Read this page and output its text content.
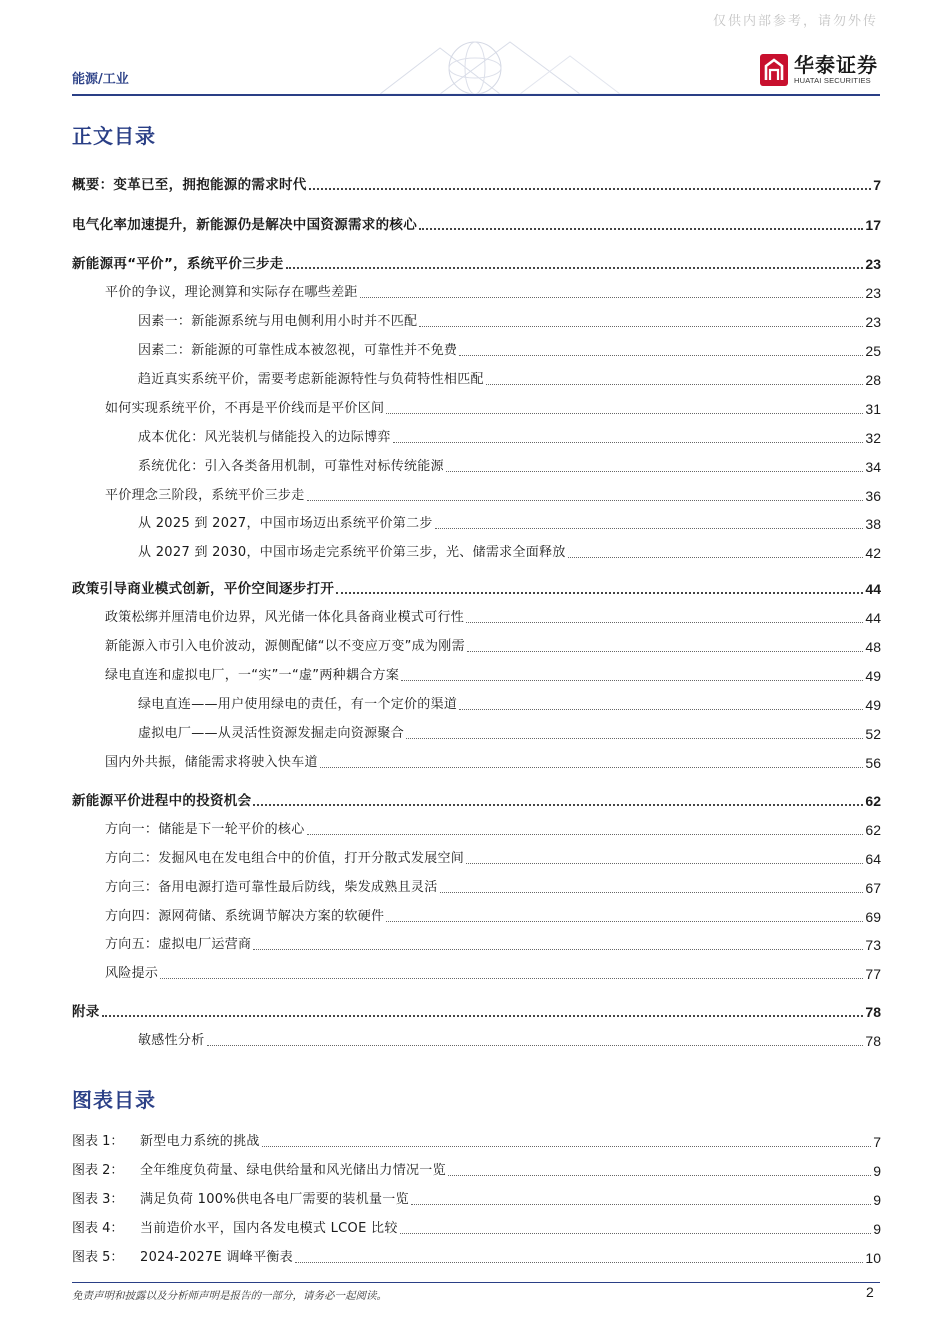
仅供内部参考，请勿外传
能源/工业
华泰证券
HUATAI SECURITIES
正文目录
概要：变革已至，拥抱能源的需求时代	7
电气化率加速提升，新能源仍是解决中国资源需求的核心	17
新能源再“平价”，系统平价三步走	23
平价的争议，理论测算和实际存在哪些差距	23
因素一：新能源系统与用电侧利用小时并不匹配	23
因素二：新能源的可靠性成本被忽视，可靠性并不免费	25
趋近真实系统平价，需要考虑新能源特性与负荷特性相匹配	28
如何实现系统平价，不再是平价线而是平价区间	31
成本优化：风光装机与储能投入的边际博弈	32
系统优化：引入各类备用机制，可靠性对标传统能源	34
平价理念三阶段，系统平价三步走	36
从 2025 到 2027，中国市场迈出系统平价第二步	38
从 2027 到 2030，中国市场走完系统平价第三步，光、储需求全面释放	42
政策引导商业模式创新，平价空间逐步打开	44
政策松绑并厘清电价边界，风光储一体化具备商业模式可行性	44
新能源入市引入电价波动，源侧配储“以不变应万变”成为刚需	48
绿电直连和虚拟电厂，一“实”一“虚”两种耦合方案	49
绿电直连——用户使用绿电的责任，有一个定价的渠道	49
虚拟电厂——从灵活性资源发掘走向资源聚合	52
国内外共振，储能需求将驶入快车道	56
新能源平价进程中的投资机会	62
方向一：储能是下一轮平价的核心	62
方向二：发掘风电在发电组合中的价值，打开分散式发展空间	64
方向三：备用电源打造可靠性最后防线，柴发成熟且灵活	67
方向四：源网荷储、系统调节解决方案的软硬件	69
方向五：虚拟电厂运营商	73
风险提示	77
附录	78
敏感性分析	78
图表目录
图表 1：	新型电力系统的挑战	7
图表 2：	全年维度负荷量、绿电供给量和风光储出力情况一览	9
图表 3：	满足负荷 100%供电各电厂需要的装机量一览	9
图表 4：	当前造价水平，国内各发电模式 LCOE 比较	9
图表 5：	2024-2027E 调峰平衡表	10
免责声明和披露以及分析师声明是报告的一部分，请务必一起阅读。	2
